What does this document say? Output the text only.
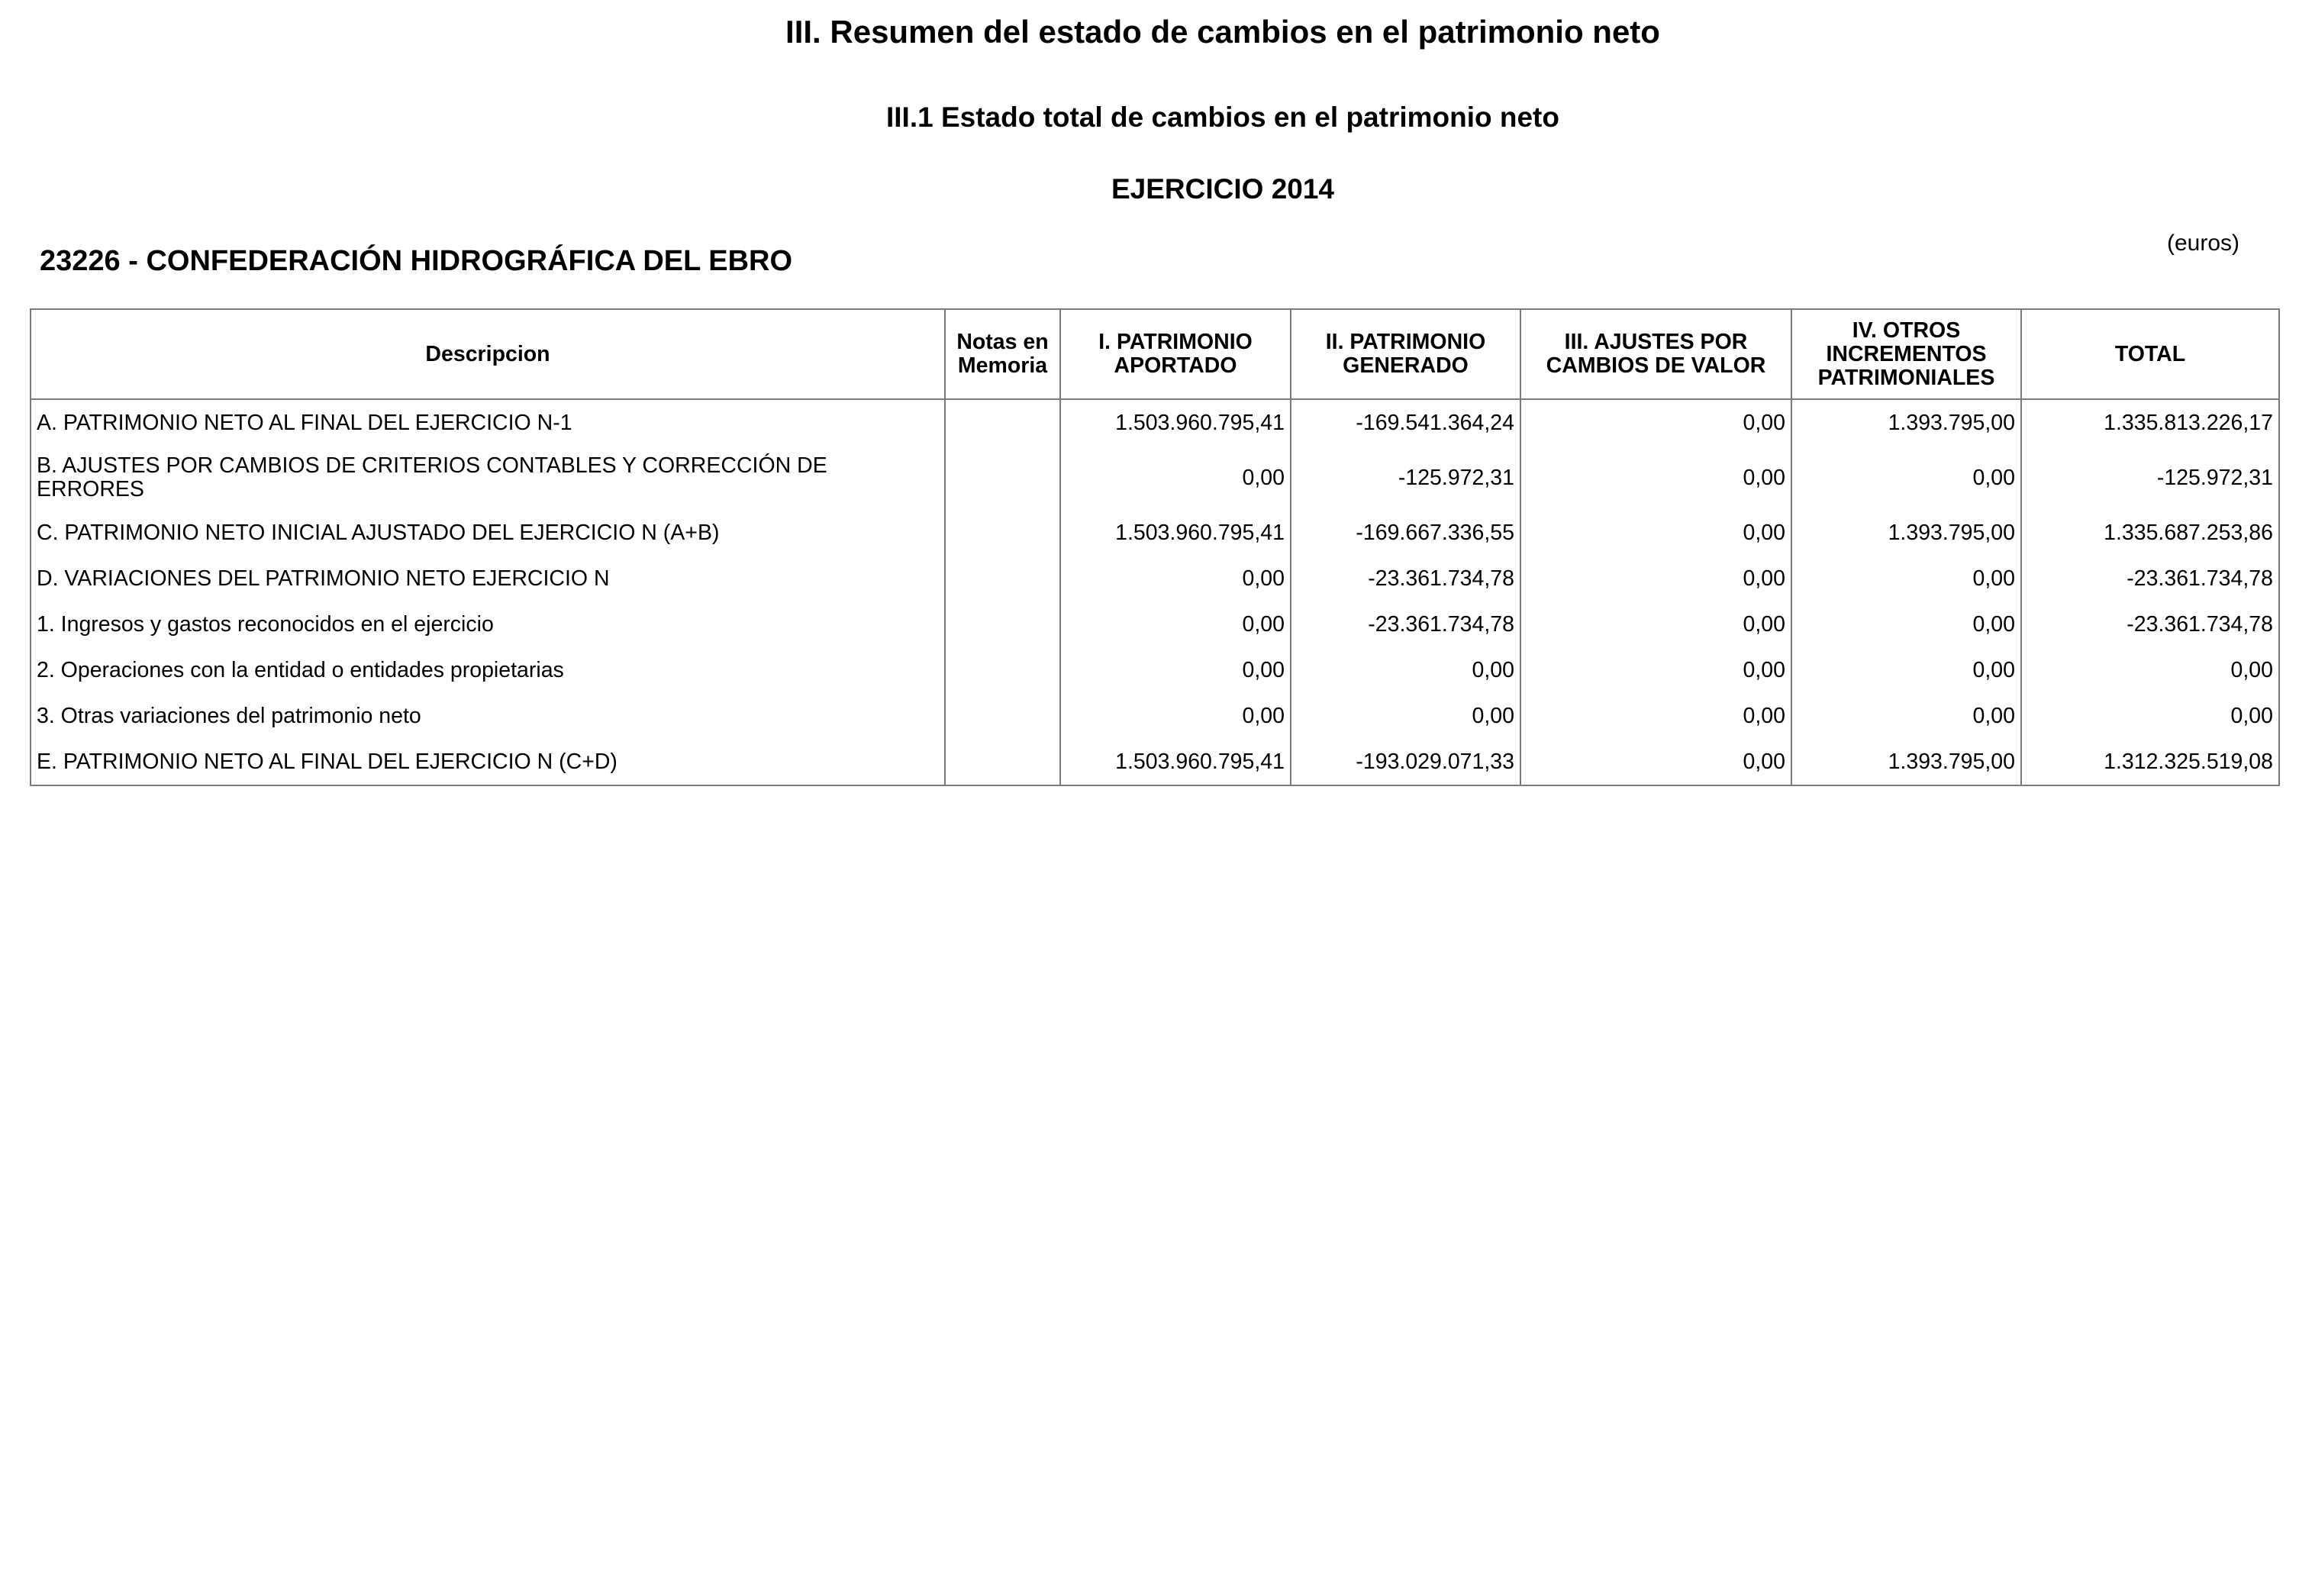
III. Resumen del estado de cambios en el patrimonio neto
III.1 Estado total de cambios en el patrimonio neto
EJERCICIO 2014
(euros)
23226 - CONFEDERACIÓN HIDROGRÁFICA DEL EBRO
Descripcion	Notas en Memoria	I. PATRIMONIO APORTADO	II. PATRIMONIO GENERADO	III. AJUSTES POR CAMBIOS DE VALOR	IV. OTROS INCREMENTOS PATRIMONIALES	TOTAL
A. PATRIMONIO NETO AL FINAL DEL EJERCICIO N-1		1.503.960.795,41	-169.541.364,24	0,00	1.393.795,00	1.335.813.226,17
B. AJUSTES POR CAMBIOS DE CRITERIOS CONTABLES Y CORRECCIÓN DE ERRORES		0,00	-125.972,31	0,00	0,00	-125.972,31
C. PATRIMONIO NETO INICIAL AJUSTADO DEL EJERCICIO N (A+B)		1.503.960.795,41	-169.667.336,55	0,00	1.393.795,00	1.335.687.253,86
D. VARIACIONES DEL PATRIMONIO NETO EJERCICIO N		0,00	-23.361.734,78	0,00	0,00	-23.361.734,78
1. Ingresos y gastos reconocidos en el ejercicio		0,00	-23.361.734,78	0,00	0,00	-23.361.734,78
2. Operaciones con la entidad o entidades propietarias		0,00	0,00	0,00	0,00	0,00
3. Otras variaciones del patrimonio neto		0,00	0,00	0,00	0,00	0,00
E. PATRIMONIO NETO AL FINAL DEL EJERCICIO N (C+D)		1.503.960.795,41	-193.029.071,33	0,00	1.393.795,00	1.312.325.519,08
